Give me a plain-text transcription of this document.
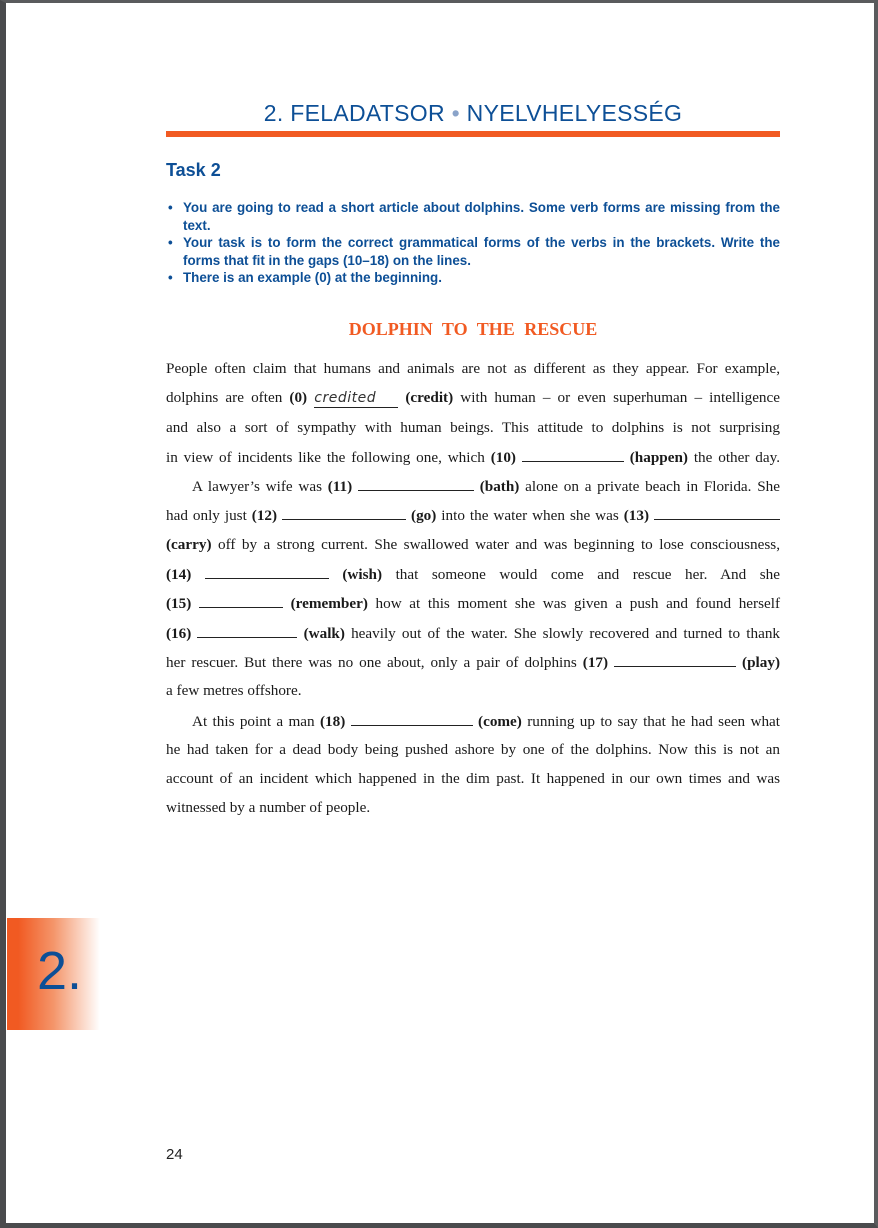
2. FELADATSOR • NYELVHELYESSÉG
Task 2
• You are going to read a short article about dolphins. Some verb forms are missing from the text.
• Your task is to form the correct grammatical forms of the verbs in the brackets. Write the forms that fit in the gaps (10–18) on the lines.
• There is an example (0) at the beginning.
DOLPHIN TO THE RESCUE
People often claim that humans and animals are not as different as they appear. For example,
dolphins are often (0) credited (credit) with human – or even superhuman – intelligence
and also a sort of sympathy with human beings. This attitude to dolphins is not surprising
in view of incidents like the following one, which (10)	(happen) the other day.
A lawyer’s wife was (11)	(bath) alone on a private beach in Florida. She
had only just (12)	(go) into the water when she was (13)
(carry) off by a strong current. She swallowed water and was beginning to lose consciousness,
(14)	(wish) that someone would come and rescue her. And she
(15)	(remember) how at this moment she was given a push and found herself
(16)	(walk) heavily out of the water. She slowly recovered and turned to thank
her rescuer. But there was no one about, only a pair of dolphins (17)	(play)
a few metres offshore.
At this point a man (18)	(come) running up to say that he had seen what
he had taken for a dead body being pushed ashore by one of the dolphins. Now this is not an
account of an incident which happened in the dim past. It happened in our own times and was
witnessed by a number of people.
2.
24
